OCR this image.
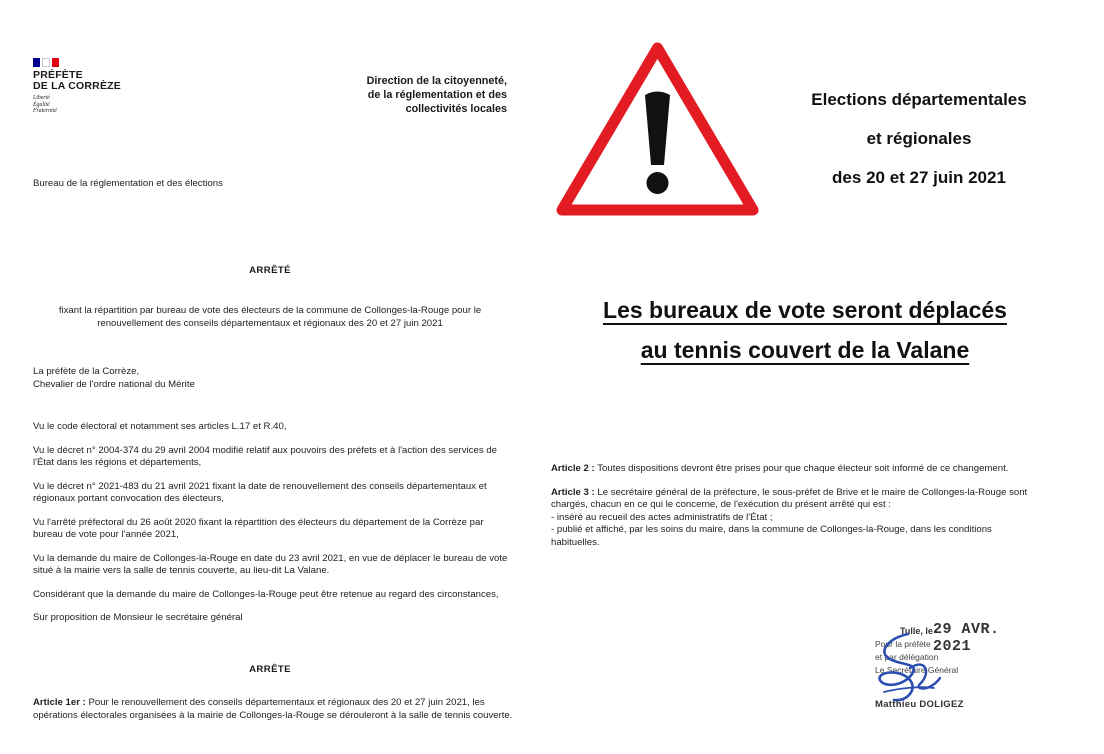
PRÉFÈTE
DE LA CORRÈZE
Liberté
Égalité
Fraternité
Direction de la citoyenneté,
de la réglementation et des
collectivités locales
Bureau de la réglementation et des élections
ARRÊTÉ
fixant la répartition par bureau de vote des électeurs de la commune de Collonges-la-Rouge pour le renouvellement des conseils départementaux et régionaux des 20 et 27 juin 2021
La préfète de la Corrèze,
Chevalier de l'ordre national du Mérite

Vu le code électoral et notamment ses articles L.17 et R.40,

Vu le décret n° 2004-374 du 29 avril 2004 modifié relatif aux pouvoirs des préfets et à l'action des services de l'État dans les régions et départements,

Vu le décret n° 2021-483 du 21 avril 2021 fixant la date de renouvellement des conseils départementaux et régionaux portant convocation des électeurs,

Vu l'arrêté préfectoral du 26 août 2020 fixant la répartition des électeurs du département de la Corrèze par bureau de vote pour l'année 2021,

Vu la demande du maire de Collonges-la-Rouge en date du 23 avril 2021, en vue de déplacer le bureau de vote situé à la mairie vers la salle de tennis couverte, au lieu-dit La Valane.

Considérant que la demande du maire de Collonges-la-Rouge peut être retenue au regard des circonstances,

Sur proposition de Monsieur le secrétaire général

ARRÊTE
Article 1er : Pour le renouvellement des conseils départementaux et régionaux des 20 et 27 juin 2021, les opérations électorales organisées à la mairie de Collonges-la-Rouge se dérouleront à la salle de tennis couverte.
Elections départementales
et régionales
des 20 et 27 juin 2021
Les bureaux de vote seront déplacés
au tennis couvert de la Valane

Article 2 : Toutes dispositions devront être prises pour que chaque électeur soit informé de ce changement.

Article 3 : Le secrétaire général de la préfecture, le sous-préfet de Brive et le maire de Collonges-la-Rouge sont chargés, chacun en ce qui le concerne, de l'exécution du présent arrêté qui est :
- inséré au recueil des actes administratifs de l'État ;
- publié et affiché, par les soins du maire, dans la commune de Collonges-la-Rouge, dans les conditions habituelles.

Tulle, le 29 AVR. 2021
Pour la préfète
et par délégation
Le Secrétaire Général
Matthieu DOLIGEZ
